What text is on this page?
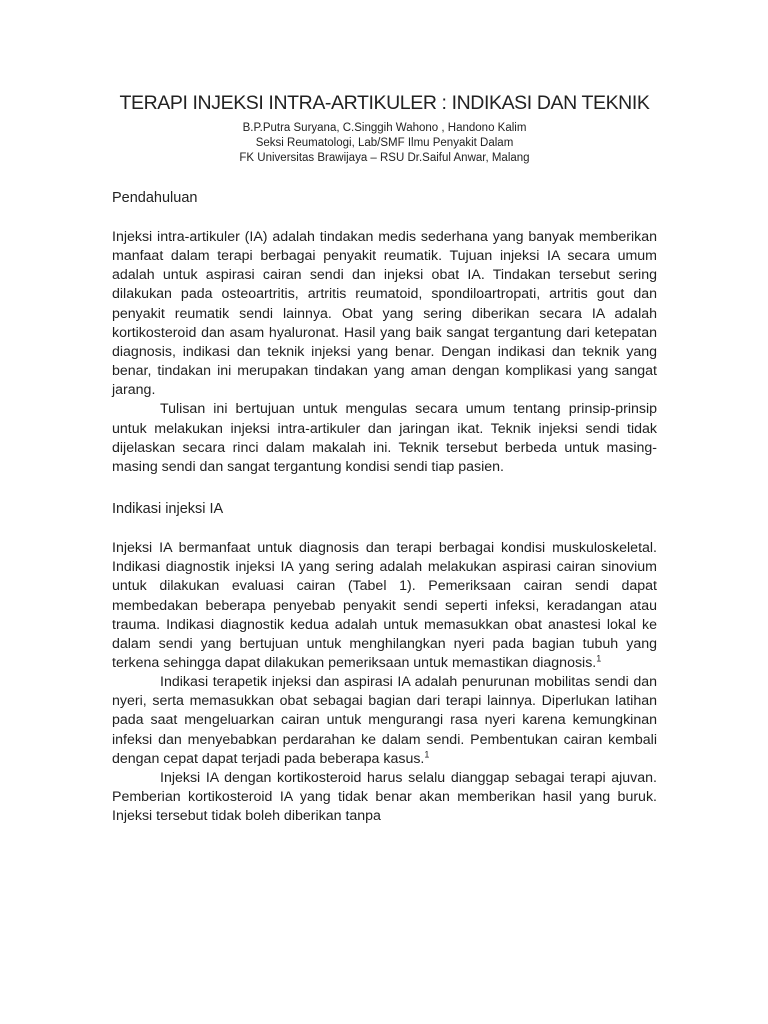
TERAPI INJEKSI INTRA-ARTIKULER : INDIKASI DAN TEKNIK
B.P.Putra Suryana, C.Singgih Wahono , Handono Kalim
Seksi Reumatologi, Lab/SMF Ilmu Penyakit Dalam
FK Universitas Brawijaya – RSU Dr.Saiful Anwar, Malang
Pendahuluan

Injeksi intra-artikuler (IA) adalah tindakan medis sederhana yang banyak memberikan manfaat dalam terapi berbagai penyakit reumatik. Tujuan injeksi IA secara umum adalah untuk aspirasi cairan sendi dan injeksi obat IA. Tindakan tersebut sering dilakukan pada osteoartritis, artritis reumatoid, spondiloartropati, artritis gout dan penyakit reumatik sendi lainnya. Obat yang sering diberikan secara IA adalah kortikosteroid dan asam hyaluronat. Hasil yang baik sangat tergantung dari ketepatan diagnosis, indikasi dan teknik injeksi yang benar. Dengan indikasi dan teknik yang benar, tindakan ini merupakan tindakan yang aman dengan komplikasi yang sangat jarang.

Tulisan ini bertujuan untuk mengulas secara umum tentang prinsip-prinsip untuk melakukan injeksi intra-artikuler dan jaringan ikat. Teknik injeksi sendi tidak dijelaskan secara rinci dalam makalah ini. Teknik tersebut berbeda untuk masing-masing sendi dan sangat tergantung kondisi sendi tiap pasien.

Indikasi injeksi IA

Injeksi IA bermanfaat untuk diagnosis dan terapi berbagai kondisi muskuloskeletal. Indikasi diagnostik injeksi IA yang sering adalah melakukan aspirasi cairan sinovium untuk dilakukan evaluasi cairan (Tabel 1). Pemeriksaan cairan sendi dapat membedakan beberapa penyebab penyakit sendi seperti infeksi, keradangan atau trauma. Indikasi diagnostik kedua adalah untuk memasukkan obat anastesi lokal ke dalam sendi yang bertujuan untuk menghilangkan nyeri pada bagian tubuh yang terkena sehingga dapat dilakukan pemeriksaan untuk memastikan diagnosis.$^1$

Indikasi terapetik injeksi dan aspirasi IA adalah penurunan mobilitas sendi dan nyeri, serta memasukkan obat sebagai bagian dari terapi lainnya. Diperlukan latihan pada saat mengeluarkan cairan untuk mengurangi rasa nyeri karena kemungkinan infeksi dan menyebabkan perdarahan ke dalam sendi. Pembentukan cairan kembali dengan cepat dapat terjadi pada beberapa kasus.$^1$

Injeksi IA dengan kortikosteroid harus selalu dianggap sebagai terapi ajuvan. Pemberian kortikosteroid IA yang tidak benar akan memberikan hasil yang buruk. Injeksi tersebut tidak boleh diberikan tanpa
